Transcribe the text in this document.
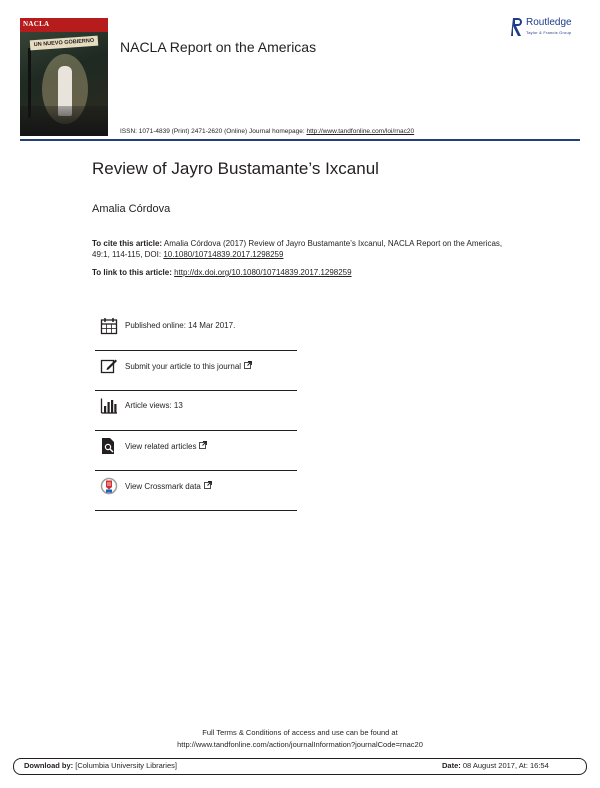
NACLA
UN NUEVO GOBIERNO NACLA Report on the Americas
Routledge
Taylor & Francis Group
ISSN: 1071-4839 (Print) 2471-2620 (Online) Journal homepage: http://www.tandfonline.com/loi/rnac20
Review of Jayro Bustamante’s Ixcanul
Amalia Córdova
To cite this article: Amalia Córdova (2017) Review of Jayro Bustamante’s Ixcanul, NACLA Report on the Americas, 49:1, 114-115, DOI: 10.1080/10714839.2017.1298259
To link to this article: http://dx.doi.org/10.1080/10714839.2017.1298259
Published online: 14 Mar 2017.
Submit your article to this journal
Article views: 13
View related articles
View Crossmark data
Full Terms & Conditions of access and use can be found at
http://www.tandfonline.com/action/journalInformation?journalCode=rnac20
Download by: [Columbia University Libraries]	Date: 08 August 2017, At: 16:54
